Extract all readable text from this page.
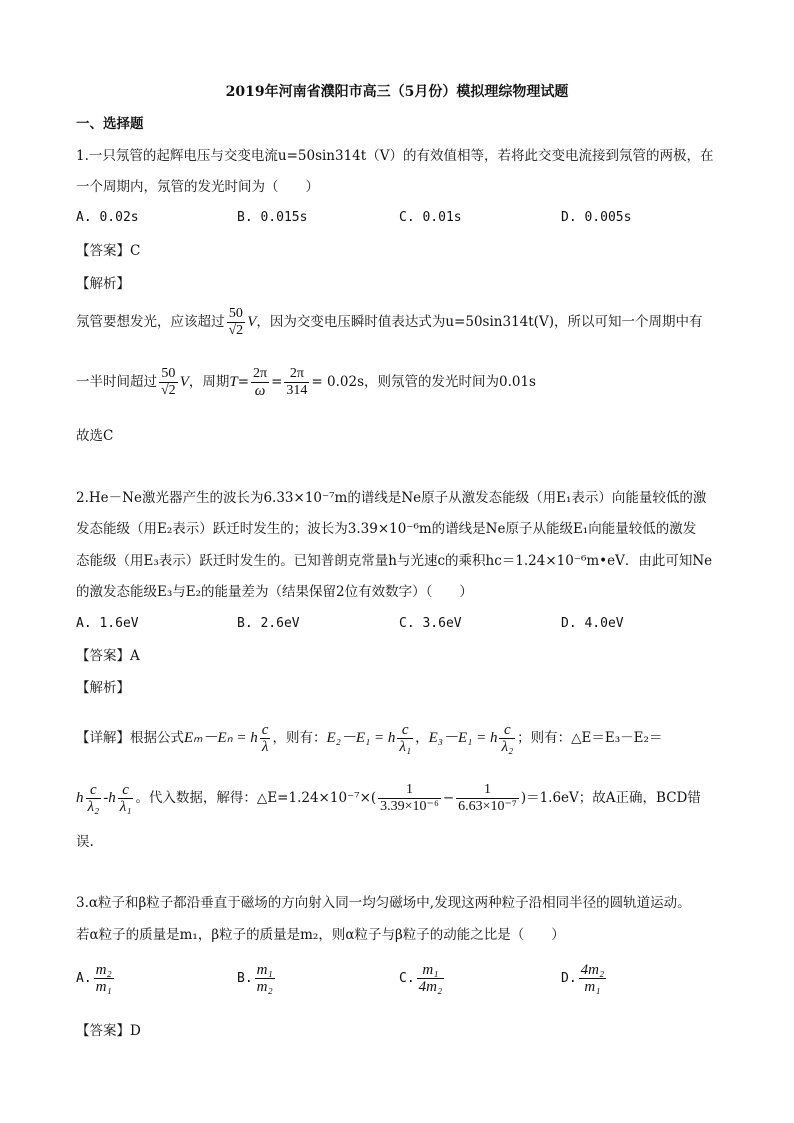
2019年河南省濮阳市高三（5月份）模拟理综物理试题
一、选择题
1.一只氖管的起辉电压与交变电流u=50sin314t（V）的有效值相等，若将此交变电流接到氖管的两极，在
一个周期内，氖管的发光时间为（　　）
A. 0.02s	B. 0.015s	C. 0.01s	D. 0.005s
【答案】C
【解析】
氖管要想发光，应该超过 $\frac{50}{√2}$ V，因为交变电压瞬时值表达式为u=50sin314t(V)，所以可知一个周期中有
一半时间超过 $\frac{50}{√2}$ V，周期$T= \frac{2\pi}{\omega} = \frac{2\pi}{314} = 0.02s$，则氖管的发光时间为0.01s
故选C
2.He－Ne激光器产生的波长为6.33×10⁻⁷m的谱线是Ne原子从激发态能级（用E₁表示）向能量较低的激
发态能级（用E₂表示）跃迁时发生的；波长为3.39×10⁻⁶m的谱线是Ne原子从能级E₁向能量较低的激发
态能级（用E₃表示）跃迁时发生的。已知普朗克常量h与光速c的乘积hc＝1.24×10⁻⁶m•eV．由此可知Ne
的激发态能级E₃与E₂的能量差为（结果保留2位有效数字）（　　）
A. 1.6eV	B. 2.6eV	C. 3.6eV	D. 4.0eV
【答案】A
【解析】
【详解】根据公式Eₘ－Eₙ = h $\frac{c}{\lambda}$ ，则有：E₂－E₁ = h $\frac{c}{\text{λ₁}}$ ，E₃－E₁ = h $\frac{c}{\text{λ₂}}$ ；则有：△E＝E₃－E₂＝
h $\frac{c}{\text{λ₂}} -h \frac{c}{\text{λ₁}}$ 。代入数据，解得：△E=1.24×10⁻⁷×( $\frac{1}{\text{3.39×10⁻⁶}} - \frac{1}{\text{6.63×10⁻⁷}} )=1.6eV$；故A正确，BCD错
误.
3.α粒子和β粒子都沿垂直于磁场的方向射入同一均匀磁场中,发现这两种粒子沿相同半径的圆轨道运动。
若α粒子的质量是m₁，β粒子的质量是m₂，则α粒子与β粒子的动能之比是（　　）
A. $\frac{\text{m₂}}{\text{m₁}}$	B. $\frac{\text{m₁}}{\text{m₂}}$	C. $\frac{\text{m₁}}{\text{4m₂}}$	D. $\frac{\text{4m₂}}{\text{m₁}}$
【答案】D
